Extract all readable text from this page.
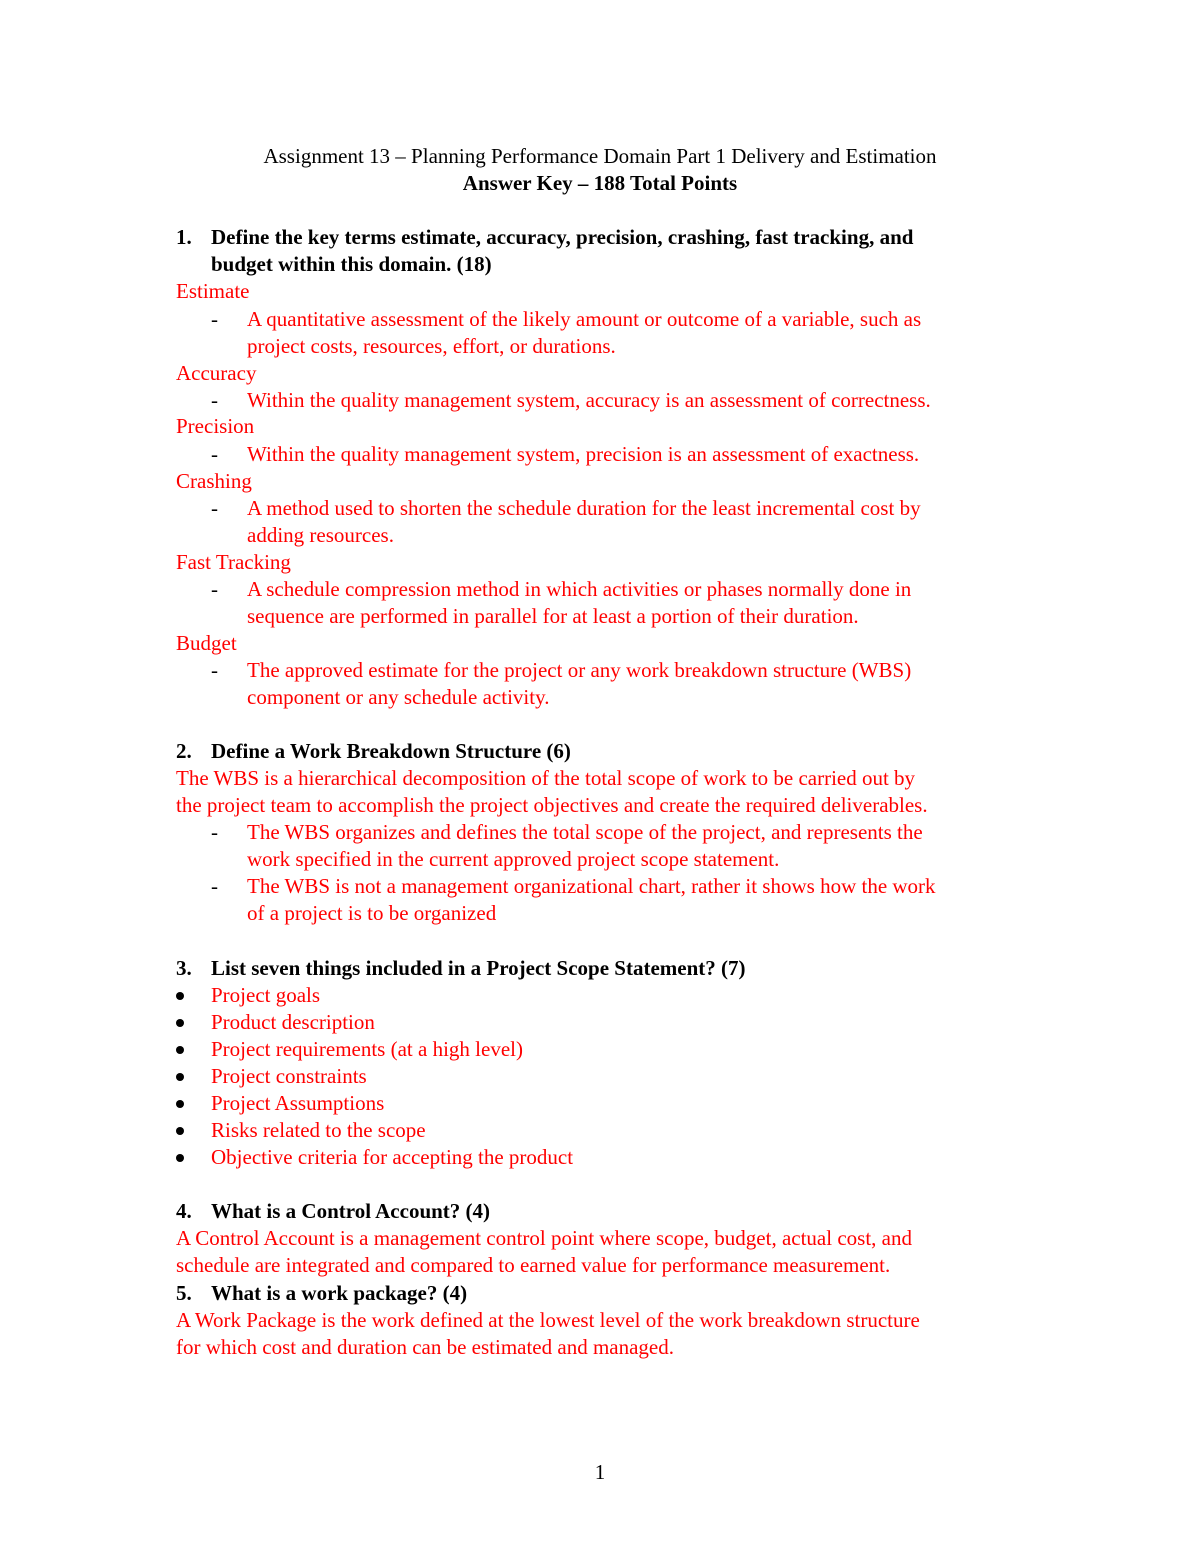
Assignment 13 – Planning Performance Domain Part 1 Delivery and Estimation
Answer Key – 188 Total Points
1. Define the key terms estimate, accuracy, precision, crashing, fast tracking, and
budget within this domain. (18)
Estimate
-	A quantitative assessment of the likely amount or outcome of a variable, such as
project costs, resources, effort, or durations.
Accuracy
-	Within the quality management system, accuracy is an assessment of correctness.
Precision
-	Within the quality management system, precision is an assessment of exactness.
Crashing
-	A method used to shorten the schedule duration for the least incremental cost by
adding resources.
Fast Tracking
-	A schedule compression method in which activities or phases normally done in
sequence are performed in parallel for at least a portion of their duration.
Budget
-	The approved estimate for the project or any work breakdown structure (WBS)
component or any schedule activity.
2. Define a Work Breakdown Structure (6)
The WBS is a hierarchical decomposition of the total scope of work to be carried out by
the project team to accomplish the project objectives and create the required deliverables.
-	The WBS organizes and defines the total scope of the project, and represents the
work specified in the current approved project scope statement.
-	The WBS is not a management organizational chart, rather it shows how the work
of a project is to be organized
3. List seven things included in a Project Scope Statement? (7)
Project goals
Product description
Project requirements (at a high level)
Project constraints
Project Assumptions
Risks related to the scope
Objective criteria for accepting the product
4. What is a Control Account? (4)
A Control Account is a management control point where scope, budget, actual cost, and
schedule are integrated and compared to earned value for performance measurement.
5. What is a work package? (4)
A Work Package is the work defined at the lowest level of the work breakdown structure
for which cost and duration can be estimated and managed.
1
